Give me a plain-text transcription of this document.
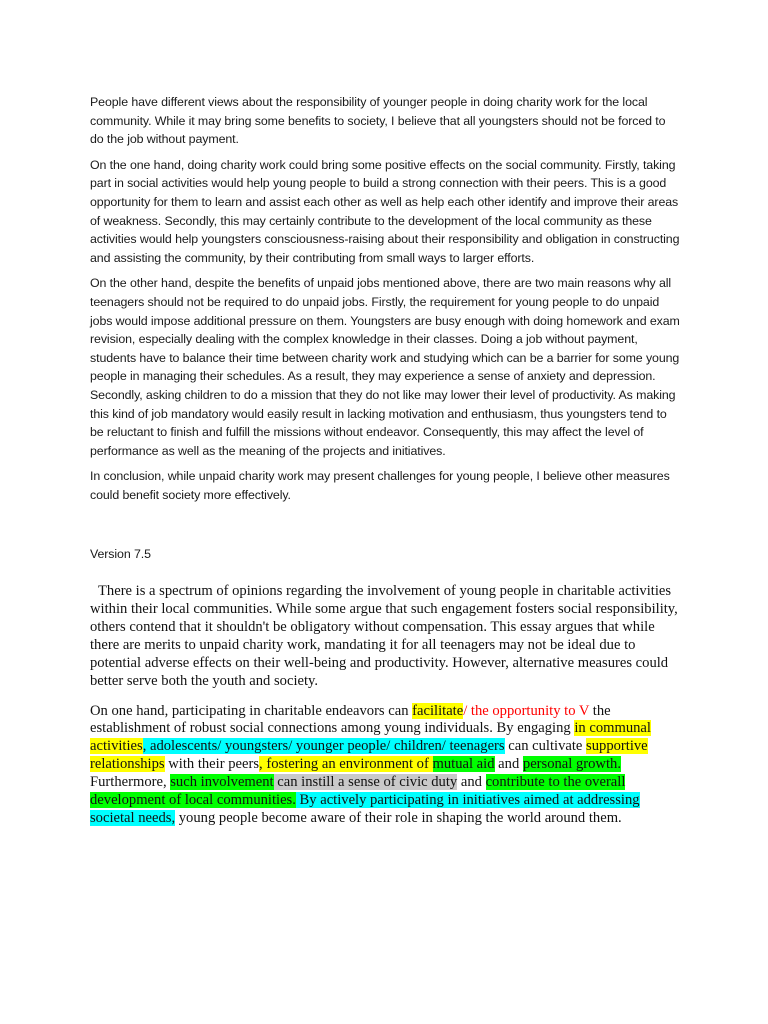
People have different views about the responsibility of younger people in doing charity work for the local community. While it may bring some benefits to society, I believe that all youngsters should not be forced to do the job without payment.

On the one hand, doing charity work could bring some positive effects on the social community. Firstly, taking part in social activities would help young people to build a strong connection with their peers. This is a good opportunity for them to learn and assist each other as well as help each other identify and improve their areas of weakness. Secondly, this may certainly contribute to the development of the local community as these activities would help youngsters consciousness-raising about their responsibility and obligation in constructing and assisting the community, by their contributing from small ways to larger efforts.

On the other hand, despite the benefits of unpaid jobs mentioned above, there are two main reasons why all teenagers should not be required to do unpaid jobs. Firstly, the requirement for young people to do unpaid jobs would impose additional pressure on them. Youngsters are busy enough with doing homework and exam revision, especially dealing with the complex knowledge in their classes. Doing a job without payment, students have to balance their time between charity work and studying which can be a barrier for some young people in managing their schedules. As a result, they may experience a sense of anxiety and depression. Secondly, asking children to do a mission that they do not like may lower their level of productivity. As making this kind of job mandatory would easily result in lacking motivation and enthusiasm, thus youngsters tend to be reluctant to finish and fulfill the missions without endeavor. Consequently, this may affect the level of performance as well as the meaning of the projects and initiatives.

In conclusion, while unpaid charity work may present challenges for young people, I believe other measures could benefit society more effectively.

Version 7.5

There is a spectrum of opinions regarding the involvement of young people in charitable activities within their local communities. While some argue that such engagement fosters social responsibility, others contend that it shouldn't be obligatory without compensation. This essay argues that while there are merits to unpaid charity work, mandating it for all teenagers may not be ideal due to potential adverse effects on their well-being and productivity. However, alternative measures could better serve both the youth and society.

On one hand, participating in charitable endeavors can facilitate/ the opportunity to V the establishment of robust social connections among young individuals. By engaging in communal activities, adolescents/ youngsters/ younger people/ children/ teenagers can cultivate supportive relationships with their peers, fostering an environment of mutual aid and personal growth. Furthermore, such involvement can instill a sense of civic duty and contribute to the overall development of local communities. By actively participating in initiatives aimed at addressing societal needs, young people become aware of their role in shaping the world around them.
